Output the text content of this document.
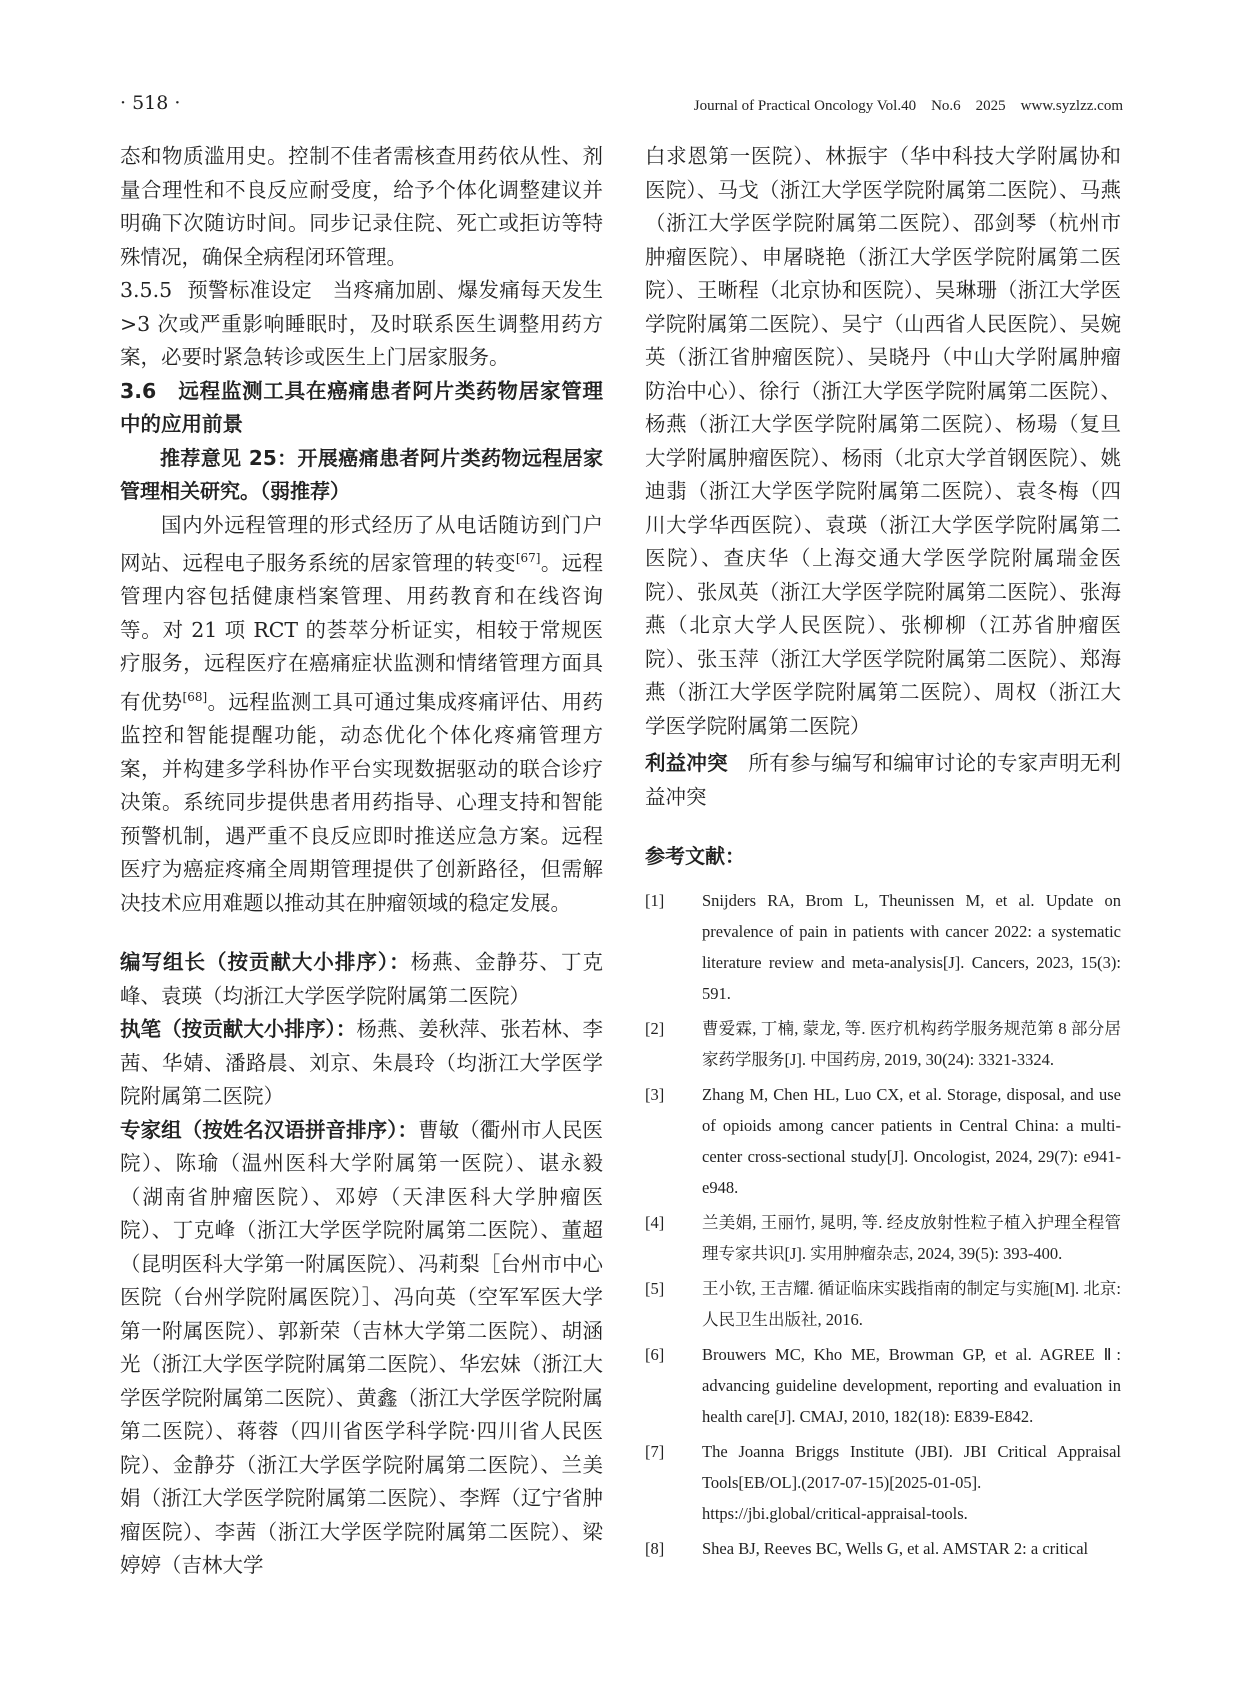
· 518 ·	Journal of Practical Oncology Vol.40　No.6　2025　www.syzlzz.com

态和物质滥用史。控制不佳者需核查用药依从性、剂量合理性和不良反应耐受度，给予个体化调整建议并明确下次随访时间。同步记录住院、死亡或拒访等特殊情况，确保全病程闭环管理。

3.5.5 预警标准设定 当疼痛加剧、爆发痛每天发生 >3 次或严重影响睡眠时，及时联系医生调整用药方案，必要时紧急转诊或医生上门居家服务。

3.6　远程监测工具在癌痛患者阿片类药物居家管理中的应用前景

推荐意见 25：开展癌痛患者阿片类药物远程居家管理相关研究。（弱推荐）

国内外远程管理的形式经历了从电话随访到门户网站、远程电子服务系统的居家管理的转变[67]。远程管理内容包括健康档案管理、用药教育和在线咨询等。对 21 项 RCT 的荟萃分析证实，相较于常规医疗服务，远程医疗在癌痛症状监测和情绪管理方面具有优势[68]。远程监测工具可通过集成疼痛评估、用药监控和智能提醒功能，动态优化个体化疼痛管理方案，并构建多学科协作平台实现数据驱动的联合诊疗决策。系统同步提供患者用药指导、心理支持和智能预警机制，遇严重不良反应即时推送应急方案。远程医疗为癌症疼痛全周期管理提供了创新路径，但需解决技术应用难题以推动其在肿瘤领域的稳定发展。

编写组长（按贡献大小排序）：杨燕、金静芬、丁克峰、袁瑛（均浙江大学医学院附属第二医院）

执笔（按贡献大小排序）：杨燕、姜秋萍、张若林、李茜、华婧、潘路晨、刘京、朱晨玲（均浙江大学医学院附属第二医院）

专家组（按姓名汉语拼音排序）：曹敏（衢州市人民医院）、陈瑜（温州医科大学附属第一医院）、谌永毅（湖南省肿瘤医院）、邓婷（天津医科大学肿瘤医院）、丁克峰（浙江大学医学院附属第二医院）、董超（昆明医科大学第一附属医院）、冯莉梨［台州市中心医院（台州学院附属医院）］、冯向英（空军军医大学第一附属医院）、郭新荣（吉林大学第二医院）、胡涵光（浙江大学医学院附属第二医院）、华宏妹（浙江大学医学院附属第二医院）、黄鑫（浙江大学医学院附属第二医院）、蒋蓉（四川省医学科学院·四川省人民医院）、金静芬（浙江大学医学院附属第二医院）、兰美娟（浙江大学医学院附属第二医院）、李辉（辽宁省肿瘤医院）、李茜（浙江大学医学院附属第二医院）、梁婷婷（吉林大学

白求恩第一医院）、林振宇（华中科技大学附属协和医院）、马戈（浙江大学医学院附属第二医院）、马燕（浙江大学医学院附属第二医院）、邵剑琴（杭州市肿瘤医院）、申屠晓艳（浙江大学医学院附属第二医院）、王晰程（北京协和医院）、吴琳珊（浙江大学医学院附属第二医院）、吴宁（山西省人民医院）、吴婉英（浙江省肿瘤医院）、吴晓丹（中山大学附属肿瘤防治中心）、徐行（浙江大学医学院附属第二医院）、杨燕（浙江大学医学院附属第二医院）、杨瑒（复旦大学附属肿瘤医院）、杨雨（北京大学首钢医院）、姚迪翡（浙江大学医学院附属第二医院）、袁冬梅（四川大学华西医院）、袁瑛（浙江大学医学院附属第二医院）、查庆华（上海交通大学医学院附属瑞金医院）、张凤英（浙江大学医学院附属第二医院）、张海燕（北京大学人民医院）、张柳柳（江苏省肿瘤医院）、张玉萍（浙江大学医学院附属第二医院）、郑海燕（浙江大学医学院附属第二医院）、周权（浙江大学医学院附属第二医院）

利益冲突 所有参与编写和编审讨论的专家声明无利益冲突

参考文献：
[1] Snijders RA, Brom L, Theunissen M, et al. Update on prevalence of pain in patients with cancer 2022: a systematic literature review and meta-analysis[J]. Cancers, 2023, 15(3): 591.
[2] 曹爱霖, 丁楠, 蒙龙, 等. 医疗机构药学服务规范第 8 部分居家药学服务[J]. 中国药房, 2019, 30(24): 3321-3324.
[3] Zhang M, Chen HL, Luo CX, et al. Storage, disposal, and use of opioids among cancer patients in Central China: a multi-center cross-sectional study[J]. Oncologist, 2024, 29(7): e941-e948.
[4] 兰美娟, 王丽竹, 晁明, 等. 经皮放射性粒子植入护理全程管理专家共识[J]. 实用肿瘤杂志, 2024, 39(5): 393-400.
[5] 王小钦, 王吉耀. 循证临床实践指南的制定与实施[M]. 北京: 人民卫生出版社, 2016.
[6] Brouwers MC, Kho ME, Browman GP, et al. AGREE Ⅱ: advancing guideline development, reporting and evaluation in health care[J]. CMAJ, 2010, 182(18): E839-E842.
[7] The Joanna Briggs Institute (JBI). JBI Critical Appraisal Tools[EB/OL].(2017-07-15)[2025-01-05]. https://jbi.global/critical-appraisal-tools.
[8] Shea BJ, Reeves BC, Wells G, et al. AMSTAR 2: a critical
